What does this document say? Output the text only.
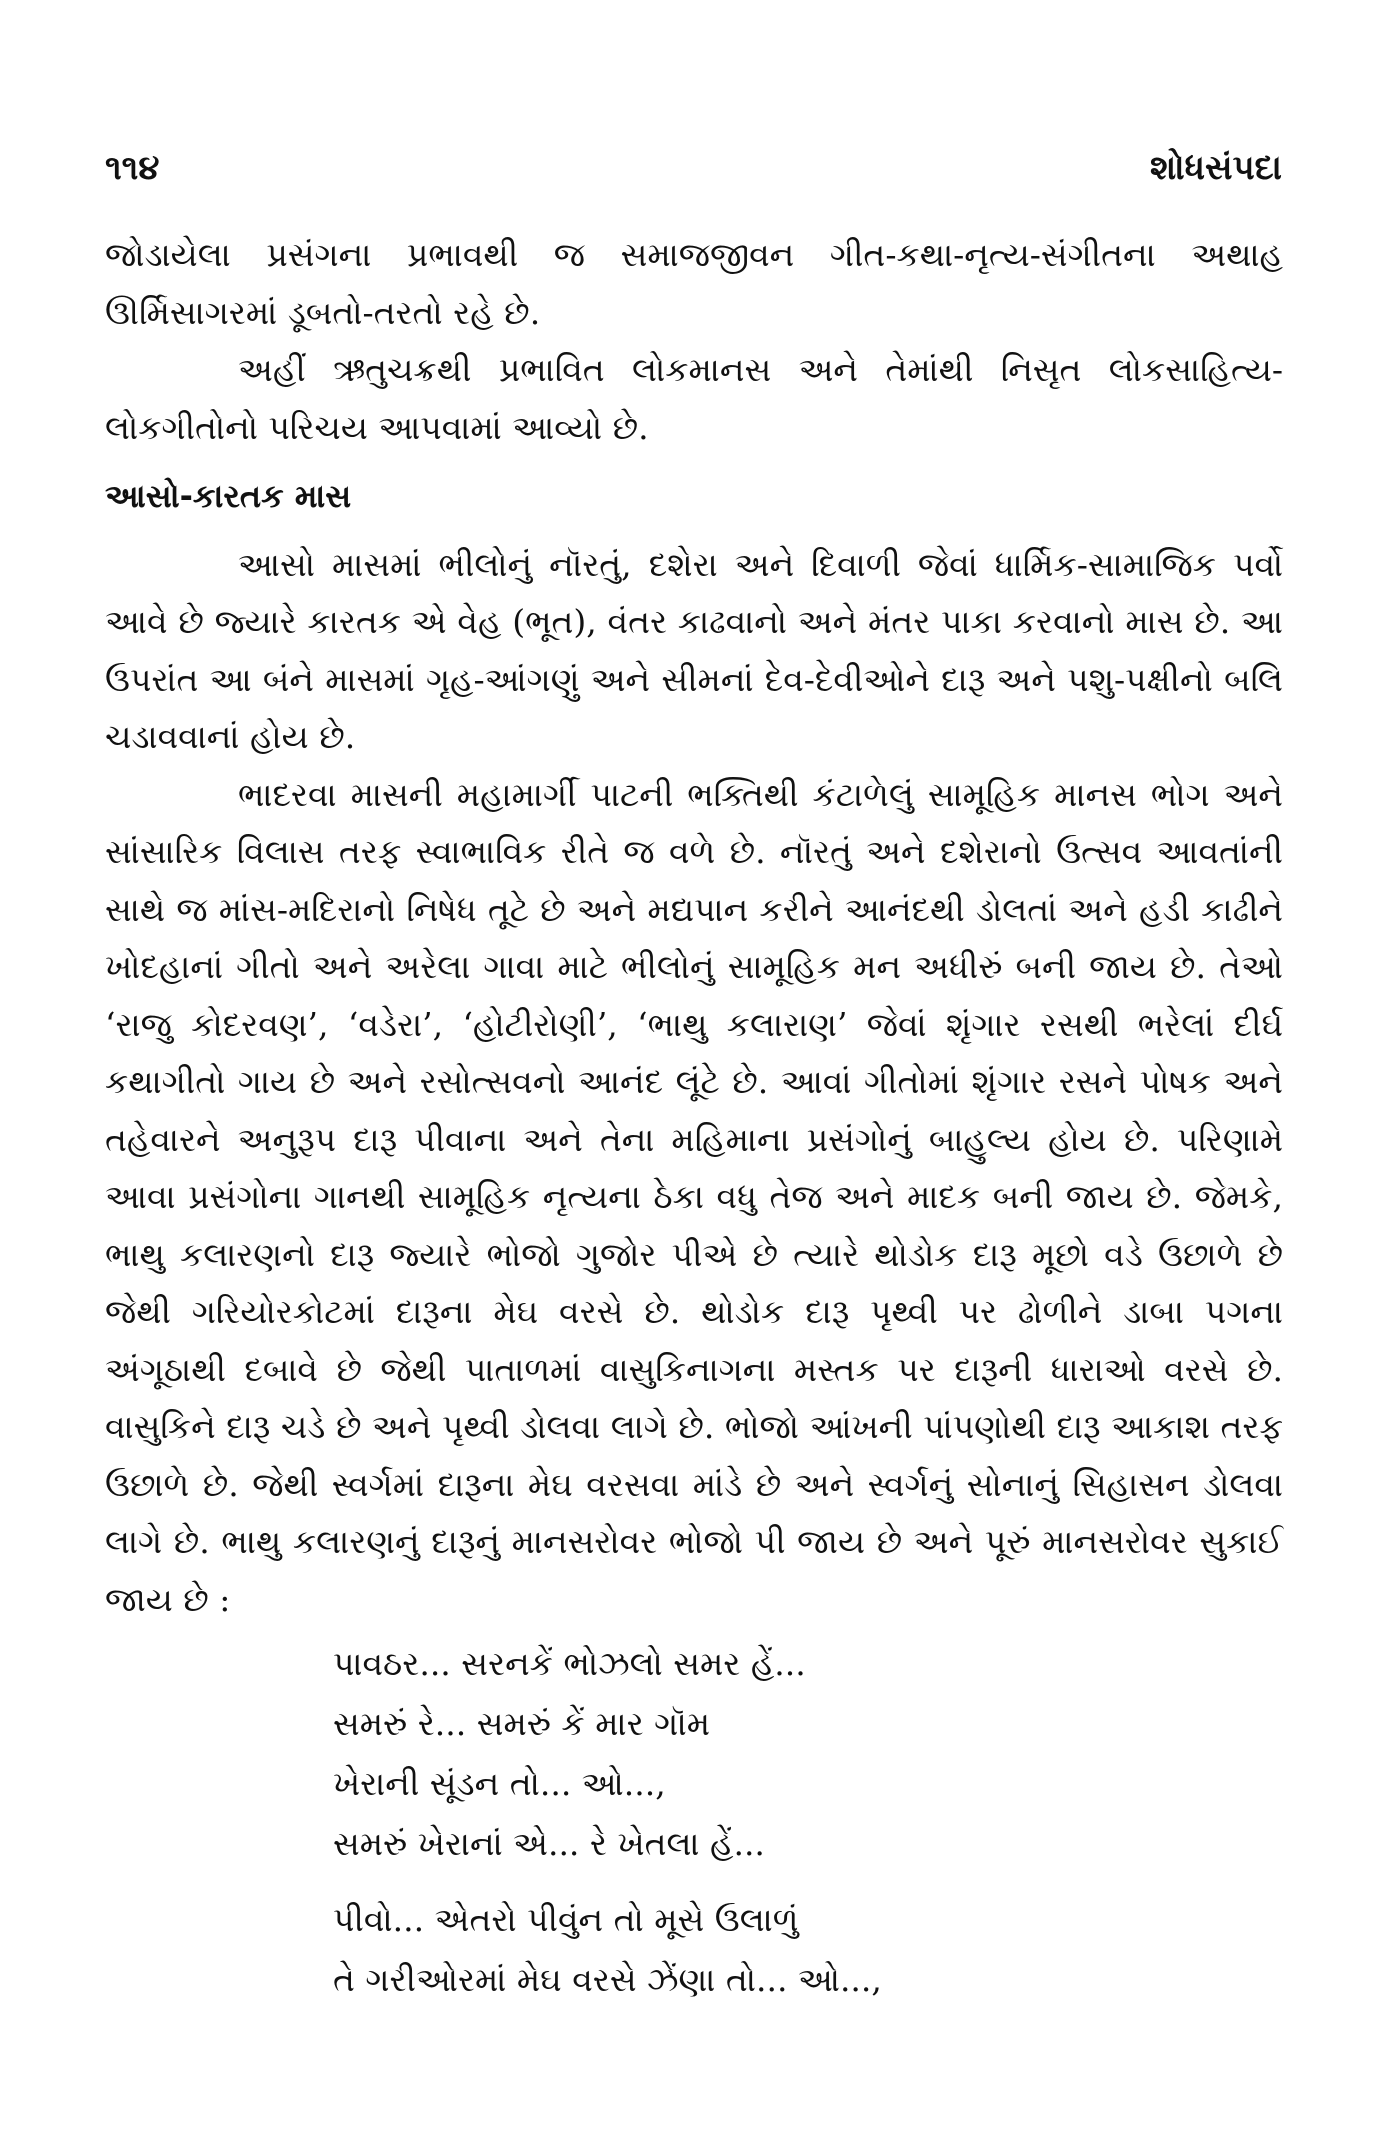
૧૧૪	શોધસંપદા

જોડાયેલા પ્રસંગના પ્રભાવથી જ સમાજજીવન ગીત-કથા-નૃત્ય-સંગીતના અથાહ ઊર્મિસાગરમાં ડૂબતો-તરતો રહે છે.

અહીં ઋતુચક્રથી પ્રભાવિત લોકમાનસ અને તેમાંથી નિસૃત લોકસાહિત્ય-લોકગીતોનો પરિચય આપવામાં આવ્યો છે.

આસો-કારતક માસ

આસો માસમાં ભીલોનું નૉરતું, દશેરા અને દિવાળી જેવાં ધાર્મિક-સામાજિક પર્વો આવે છે જ્યારે કારતક એ વેહ (ભૂત), વંતર કાઢવાનો અને મંતર પાકા કરવાનો માસ છે. આ ઉપરાંત આ બંને માસમાં ગૃહ-આંગણું અને સીમનાં દેવ-દેવીઓને દારૂ અને પશુ-પક્ષીનો બલિ ચડાવવાનાં હોય છે.

ભાદરવા માસની મહામાર્ગી પાટની ભક્તિથી કંટાળેલું સામૂહિક માનસ ભોગ અને સાંસારિક વિલાસ તરફ સ્વાભાવિક રીતે જ વળે છે. નૉરતું અને દશેરાનો ઉત્સવ આવતાંની સાથે જ માંસ-મદિરાનો નિષેધ તૂટે છે અને મદ્યપાન કરીને આનંદથી ડોલતાં અને હડી કાઢીને ખોદહાનાં ગીતો અને અરેલા ગાવા માટે ભીલોનું સામૂહિક મન અધીરું બની જાય છે. તેઓ ‘રાજુ કોદરવણ’, ‘વડેરા’, ‘હોટીરોણી’, ‘ભાથુ કલારાણ’ જેવાં શૃંગાર રસથી ભરેલાં દીર્ઘ કથાગીતો ગાય છે અને રસોત્સવનો આનંદ લૂંટે છે. આવાં ગીતોમાં શૃંગાર રસને પોષક અને તહેવારને અનુરૂપ દારૂ પીવાના અને તેના મહિમાના પ્રસંગોનું બાહુલ્ય હોય છે. પરિણામે આવા પ્રસંગોના ગાનથી સામૂહિક નૃત્યના ઠેકા વધુ તેજ અને માદક બની જાય છે. જેમકે, ભાથુ કલારણનો દારૂ જ્યારે ભોજો ગુજોર પીએ છે ત્યારે થોડોક દારૂ મૂછો વડે ઉછાળે છે જેથી ગરિયોરકોટમાં દારૂના મેઘ વરસે છે. થોડોક દારૂ પૃથ્વી પર ઢોળીને ડાબા પગના અંગૂઠાથી દબાવે છે જેથી પાતાળમાં વાસુકિનાગના મસ્તક પર દારૂની ધારાઓ વરસે છે. વાસુકિને દારૂ ચડે છે અને પૃથ્વી ડોલવા લાગે છે. ભોજો આંખની પાંપણોથી દારૂ આકાશ તરફ ઉછાળે છે. જેથી સ્વર્ગમાં દારૂના મેઘ વરસવા માંડે છે અને સ્વર્ગનું સોનાનું સિહાસન ડોલવા લાગે છે. ભાથુ કલારણનું દારૂનું માનસરોવર ભોજો પી જાય છે અને પૂરું માનસરોવર સુકાઈ જાય છે :

પાવઠર... સરનકેં ભોઝલો સમર હેં...
સમરું રે... સમરું કેં માર ગૉમ
ખેરાની સૂંડન તો... ઓ...,
સમરું ખેરાનાં એ... રે ખેતલા હેં...
પીવો... એતરો પીવુંન તો મૂસે ઉલાળું
તે ગરીઓરમાં મેઘ વરસે ઝેંણા તો... ઓ...,
